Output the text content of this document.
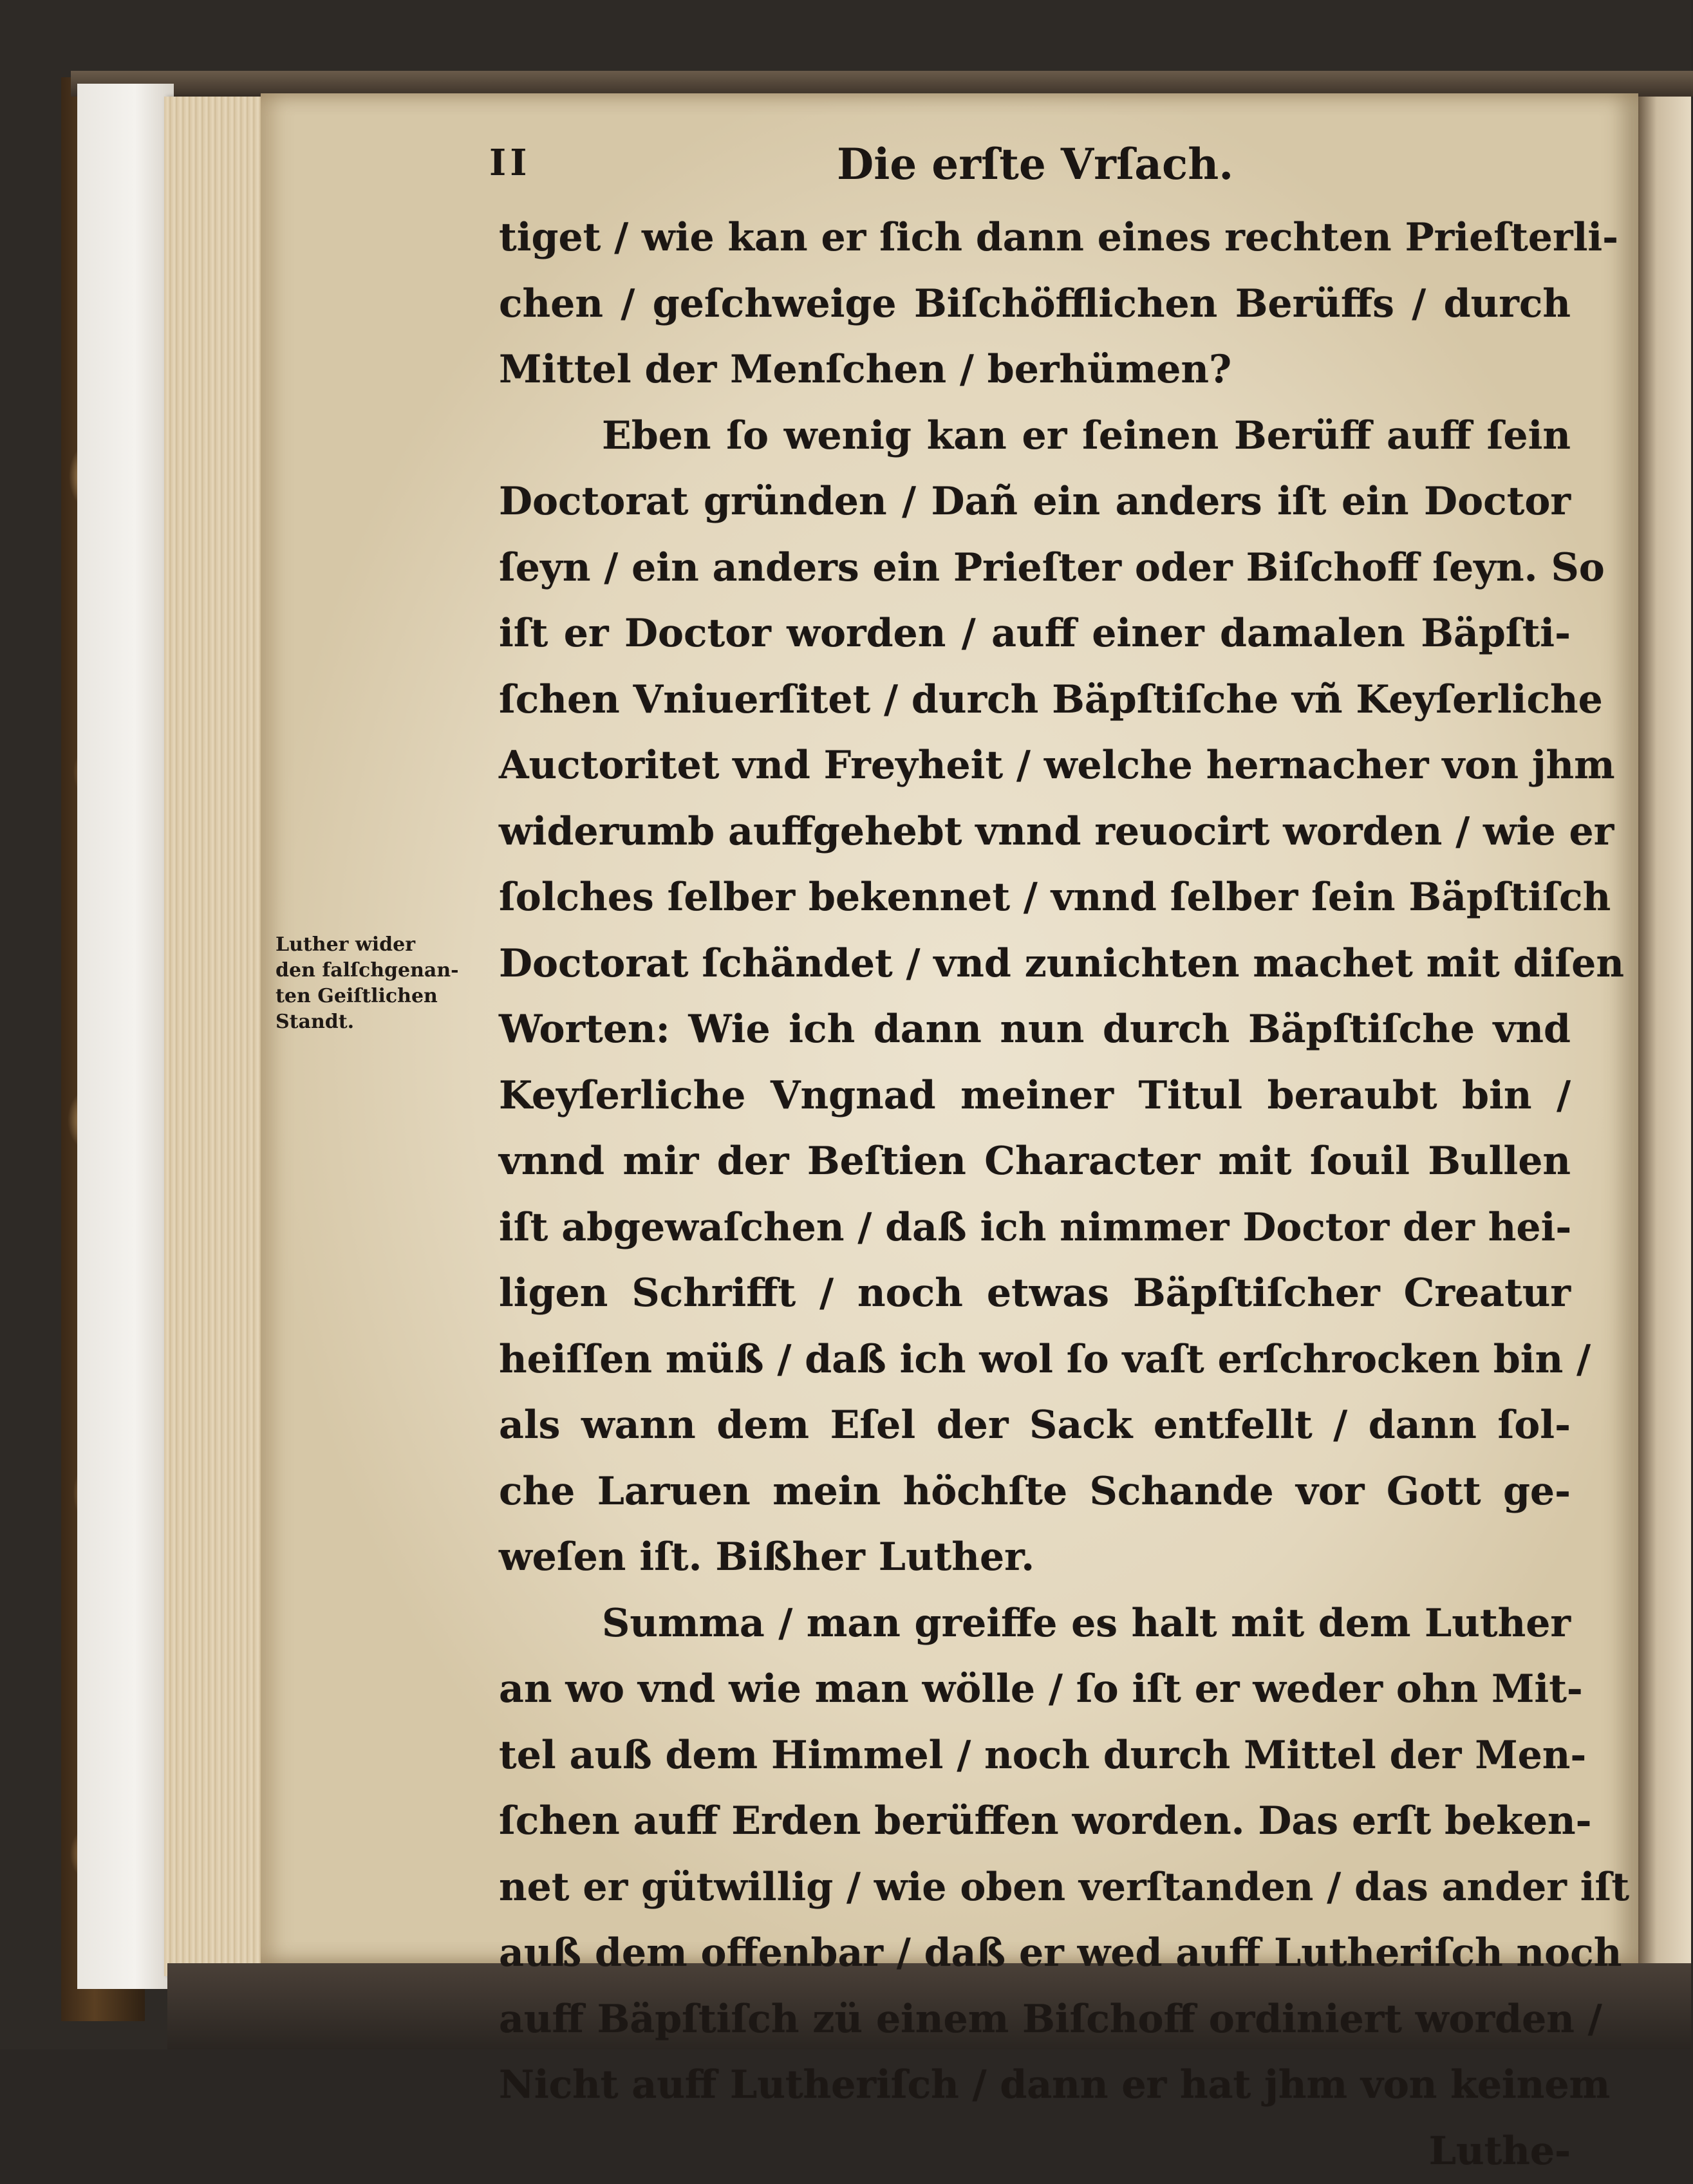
II	Die erſte Vrſach.
Luther wider
den falſchgenan-
ten Geiſtlichen
Standt.
tiget / wie kan er ſich dann eines rechten Prieſterli-
chen / geſchweige Biſchöfflichen Berüffs / durch
Mittel der Menſchen / berhümen?
Eben ſo wenig kan er ſeinen Berüff auff ſein
Doctorat gründen / Dañ ein anders iſt ein Doctor
ſeyn / ein anders ein Prieſter oder Biſchoff ſeyn. So
iſt er Doctor worden / auff einer damalen Bäpſti-
ſchen Vniuerſitet / durch Bäpſtiſche vñ Keyſerliche
Auctoritet vnd Freyheit / welche hernacher von jhm
widerumb auffgehebt vnnd reuocirt worden / wie er
ſolches ſelber bekennet / vnnd ſelber ſein Bäpſtiſch
Doctorat ſchändet / vnd zunichten machet mit diſen
Worten: Wie ich dann nun durch Bäpſtiſche vnd
Keyſerliche Vngnad meiner Titul beraubt bin /
vnnd mir der Beſtien Character mit ſouil Bullen
iſt abgewaſchen / daß ich nimmer Doctor der hei-
ligen Schrifft / noch etwas Bäpſtiſcher Creatur
heiſſen müß / daß ich wol ſo vaſt erſchrocken bin /
als wann dem Eſel der Sack entfellt / dann ſol-
che Laruen mein höchſte Schande vor Gott ge-
weſen iſt. Bißher Luther.
Summa / man greiffe es halt mit dem Luther
an wo vnd wie man wölle / ſo iſt er weder ohn Mit-
tel auß dem Himmel / noch durch Mittel der Men-
ſchen auff Erden berüffen worden. Das erſt beken-
net er gütwillig / wie oben verſtanden / das ander iſt
auß dem offenbar / daß er wed auff Lutheriſch noch
auff Bäpſtiſch zü einem Biſchoff ordiniert worden /
Nicht auff Lutheriſch / dann er hat jhm von keinem
Luthe-
